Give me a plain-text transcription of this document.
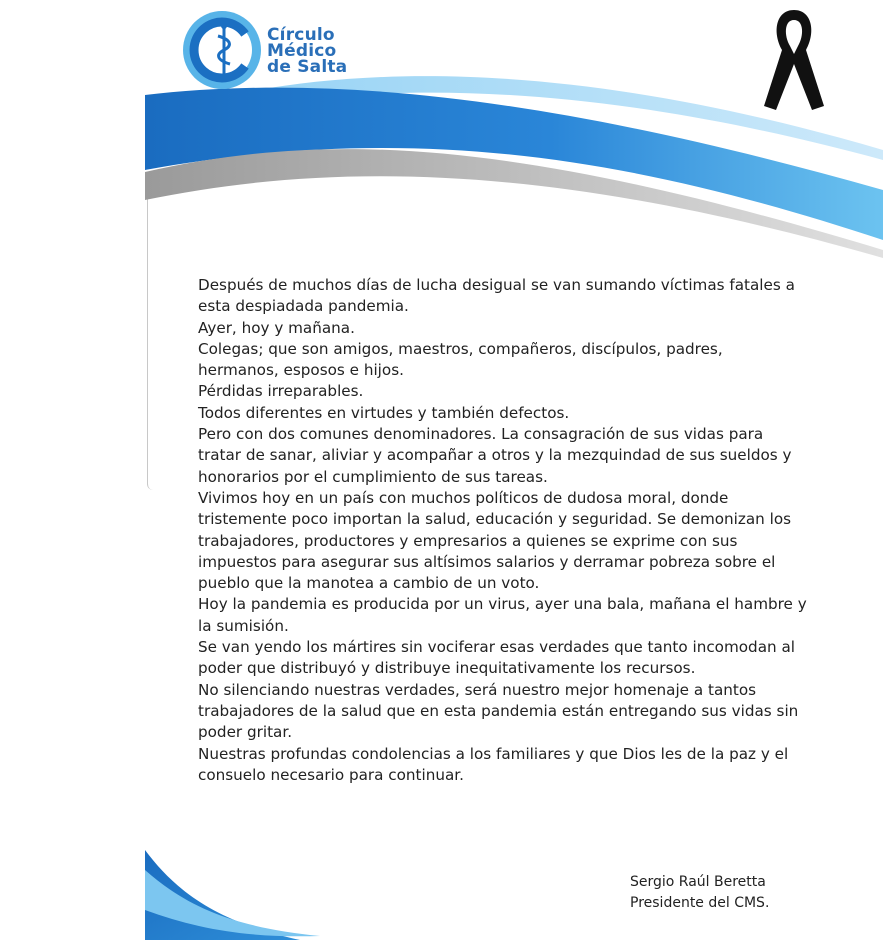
Círculo
Médico
de Salta

Después de muchos días de lucha desigual se van sumando víctimas fatales a esta despiadada pandemia.

Ayer, hoy y mañana.

Colegas; que son amigos, maestros, compañeros, discípulos, padres, hermanos, esposos e hijos.

Pérdidas irreparables.

Todos diferentes en virtudes y también defectos.

Pero con dos comunes denominadores. La consagración de sus vidas para tratar de sanar, aliviar y acompañar a otros y la mezquindad de sus sueldos y honorarios por el cumplimiento de sus tareas.

Vivimos hoy en un país con muchos políticos de dudosa moral, donde tristemente poco importan la salud, educación y seguridad. Se demonizan los trabajadores, productores y empresarios a quienes se exprime con sus impuestos para asegurar sus altísimos salarios y derramar pobreza sobre el pueblo que la manotea a cambio de un voto.

Hoy la pandemia es producida por un virus, ayer una bala, mañana el hambre y la sumisión.

Se van yendo los mártires sin vociferar esas verdades que tanto incomodan al poder que distribuyó y distribuye inequitativamente los recursos.

No silenciando nuestras verdades, será nuestro mejor homenaje a tantos trabajadores de la salud que en esta pandemia están entregando sus vidas sin poder gritar.

Nuestras profundas condolencias a los familiares y que Dios les de la paz y el consuelo necesario para continuar.

Sergio Raúl Beretta
Presidente del CMS.
